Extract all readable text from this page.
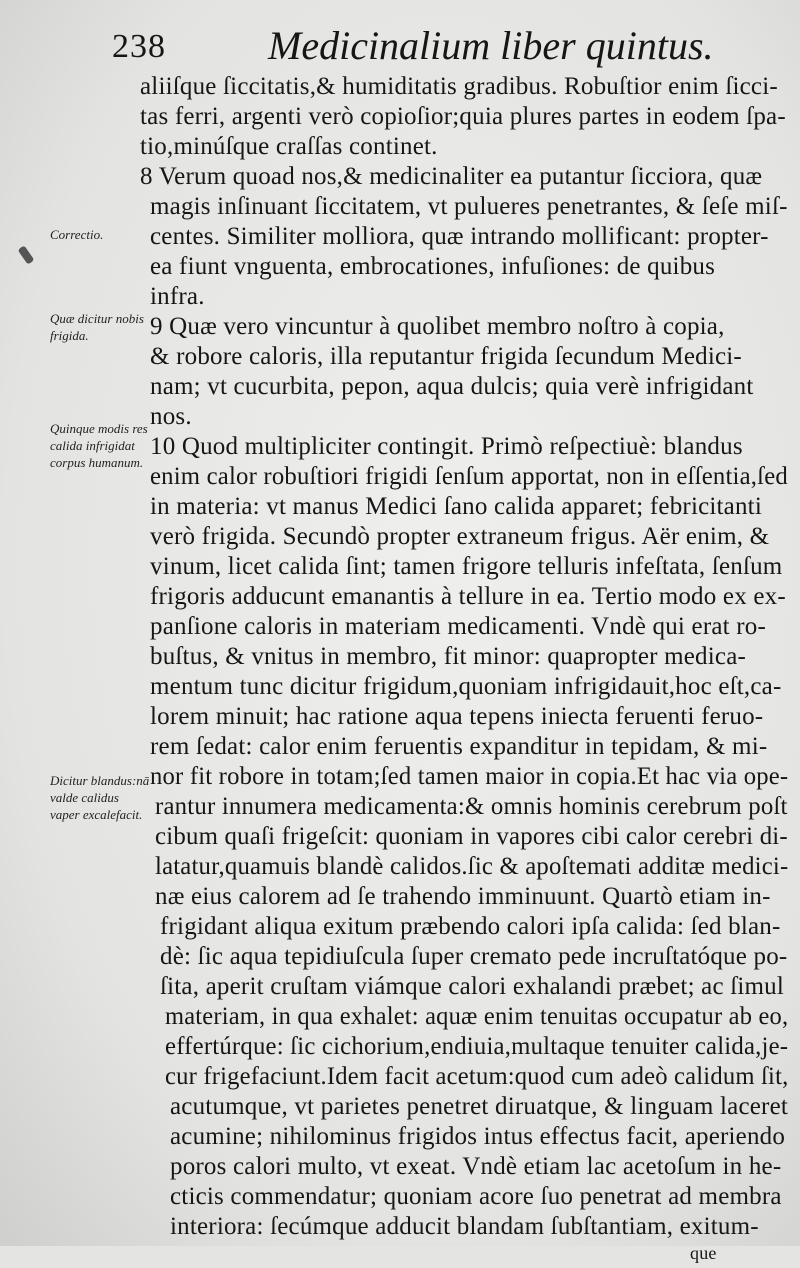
238	Medicinalium liber quintus.
aliiſque ſiccitatis,& humiditatis gradibus. Robuſtior enim ſicci-
tas ferri, argenti verò copioſior;quia plures partes in eodem ſpa-
tio,minúſque craſſas continet.
8 Verum quoad nos,& medicinaliter ea putantur ſicciora, quæ
magis inſinuant ſiccitatem, vt pulueres penetrantes, & ſeſe miſ-
centes. Similiter molliora, quæ intrando mollificant: propter-
ea fiunt vnguenta, embrocationes, infuſiones: de quibus
infra.
9 Quæ vero vincuntur à quolibet membro noſtro à copia,
& robore caloris, illa reputantur frigida ſecundum Medici-
nam; vt cucurbita, pepon, aqua dulcis; quia verè infrigidant
nos.
10 Quod multipliciter contingit. Primò reſpectiuè: blandus
enim calor robuſtiori frigidi ſenſum apportat, non in eſſentia,ſed
in materia: vt manus Medici ſano calida apparet; febricitanti
verò frigida. Secundò propter extraneum frigus. Aër enim, &
vinum, licet calida ſint; tamen frigore telluris infeſtata, ſenſum
frigoris adducunt emanantis à tellure in ea. Tertio modo ex ex-
panſione caloris in materiam medicamenti. Vndè qui erat ro-
buſtus, & vnitus in membro, fit minor: quapropter medica-
mentum tunc dicitur frigidum,quoniam infrigidauit,hoc eſt,ca-
lorem minuit; hac ratione aqua tepens iniecta feruenti feruo-
rem ſedat: calor enim feruentis expanditur in tepidam, & mi-
nor fit robore in totam;ſed tamen maior in copia.Et hac via ope-
rantur innumera medicamenta:& omnis hominis cerebrum poſt
cibum quaſi frigeſcit: quoniam in vapores cibi calor cerebri di-
latatur,quamuis blandè calidos.ſic & apoſtemati additæ medici-
næ eius calorem ad ſe trahendo imminuunt. Quartò etiam in-
frigidant aliqua exitum præbendo calori ipſa calida: ſed blan-
dè: ſic aqua tepidiuſcula ſuper cremato pede incruſtatóque po-
ſita, aperit cruſtam viámque calori exhalandi præbet; ac ſimul
materiam, in qua exhalet: aquæ enim tenuitas occupatur ab eo,
effertúrque: ſic cichorium,endiuia,multaque tenuiter calida,je-
cur frigefaciunt.Idem facit acetum:quod cum adeò calidum ſit,
acutumque, vt parietes penetret diruatque, & linguam laceret
acumine; nihilominus frigidos intus effectus facit, aperiendo
poros calori multo, vt exeat. Vndè etiam lac acetoſum in he-
cticis commendatur; quoniam acore ſuo penetrat ad membra
interiora: ſecúmque adducit blandam ſubſtantiam, exitum-
que
Correctio.
Quæ dicitur nobis frigida.
Quinque modis res calida infrigidat corpus humanum.
Dicitur blandus:nā valde calidus vaper excalefacit.
